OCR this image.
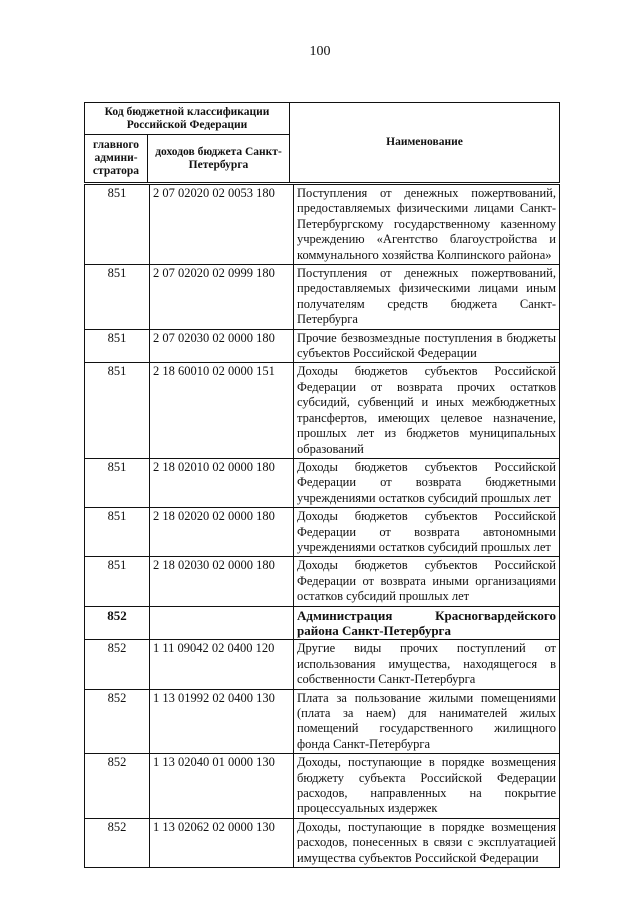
100
Код бюджетной классификации Российской Федерации		Наименование
главного админи-стратора	доходов бюджета Санкт-Петербурга	
851	2 07 02020 02 0053 180	Поступления от денежных пожертвований, предоставляемых физическими лицами Санкт-Петербургскому государственному казенному учреждению «Агентство благоустройства и коммунального хозяйства Колпинского района»
851	2 07 02020 02 0999 180	Поступления от денежных пожертвований, предоставляемых физическими лицами иным получателям средств бюджета Санкт-Петербурга
851	2 07 02030 02 0000 180	Прочие безвозмездные поступления в бюджеты субъектов Российской Федерации
851	2 18 60010 02 0000 151	Доходы бюджетов субъектов Российской Федерации от возврата прочих остатков субсидий, субвенций и иных межбюджетных трансфертов, имеющих целевое назначение, прошлых лет из бюджетов муниципальных образований
851	2 18 02010 02 0000 180	Доходы бюджетов субъектов Российской Федерации от возврата бюджетными учреждениями остатков субсидий прошлых лет
851	2 18 02020 02 0000 180	Доходы бюджетов субъектов Российской Федерации от возврата автономными учреждениями остатков субсидий прошлых лет
851	2 18 02030 02 0000 180	Доходы бюджетов субъектов Российской Федерации от возврата иными организациями остатков субсидий прошлых лет
852		Администрация Красногвардейского района Санкт-Петербурга
852	1 11 09042 02 0400 120	Другие виды прочих поступлений от использования имущества, находящегося в собственности Санкт-Петербурга
852	1 13 01992 02 0400 130	Плата за пользование жилыми помещениями (плата за наем) для нанимателей жилых помещений государственного жилищного фонда Санкт-Петербурга
852	1 13 02040 01 0000 130	Доходы, поступающие в порядке возмещения бюджету субъекта Российской Федерации расходов, направленных на покрытие процессуальных издержек
852	1 13 02062 02 0000 130	Доходы, поступающие в порядке возмещения расходов, понесенных в связи с эксплуатацией имущества субъектов Российской Федерации
